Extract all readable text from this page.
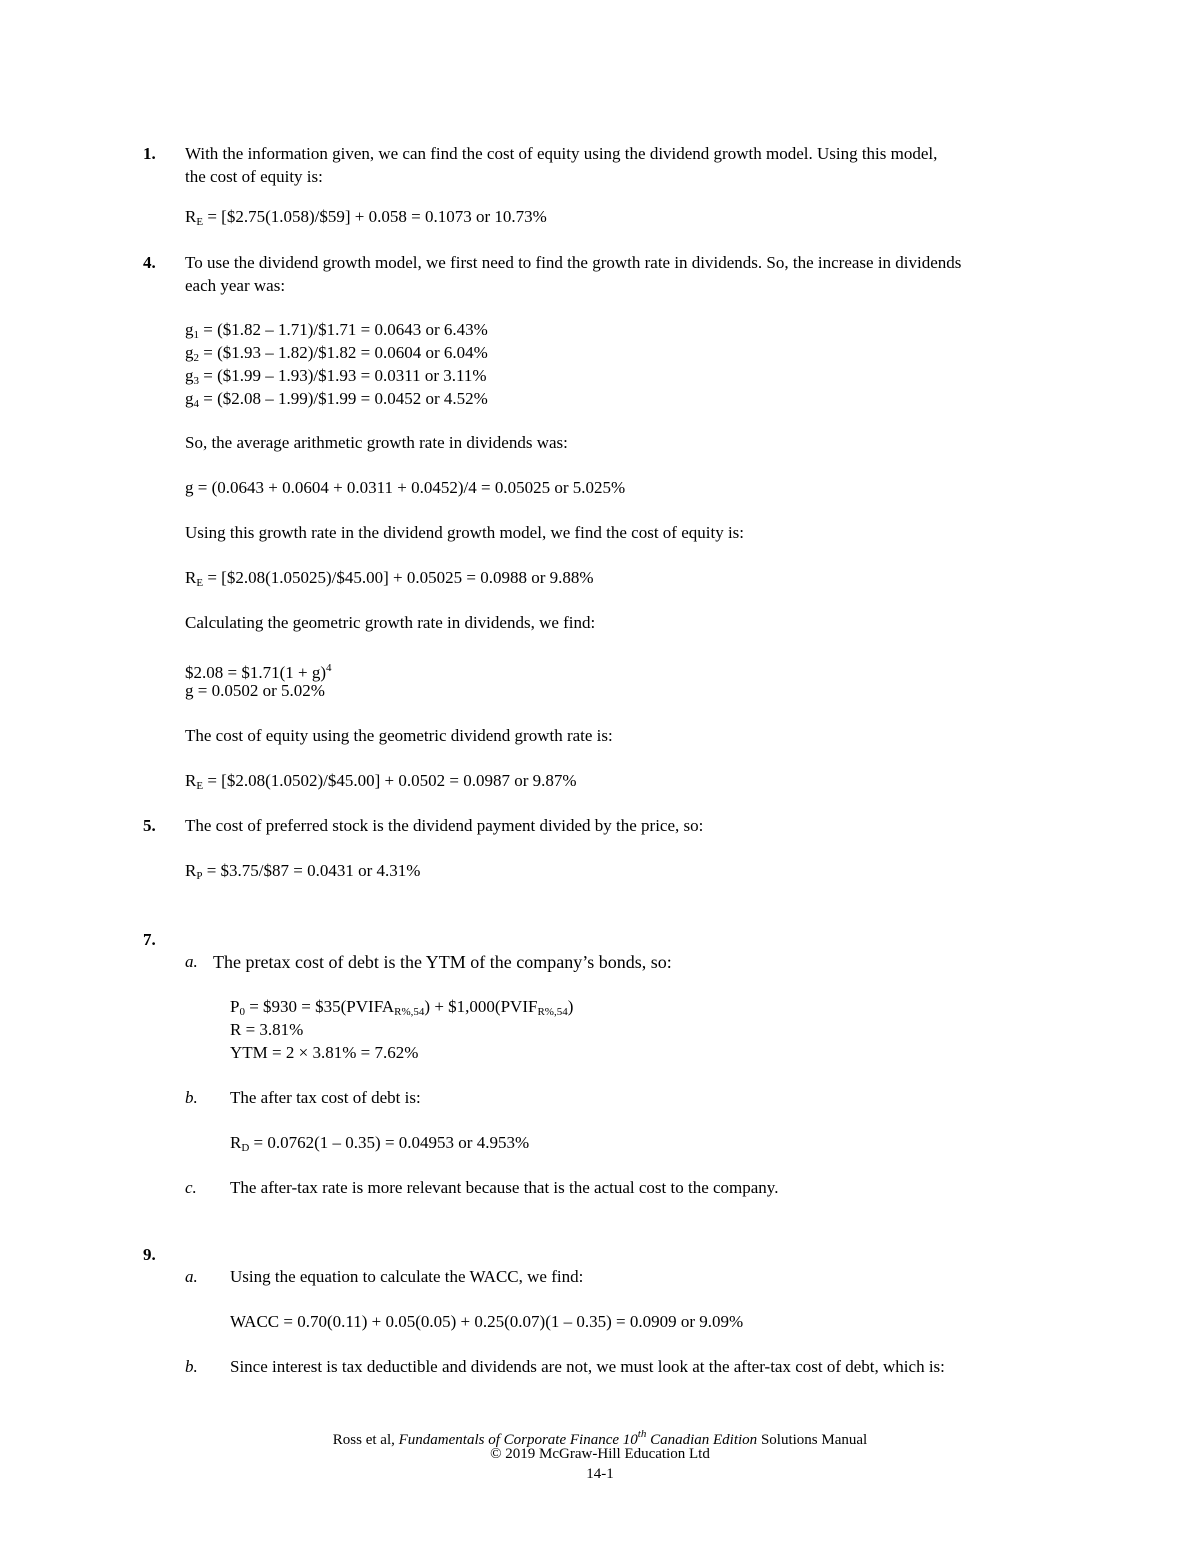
1. With the information given, we can find the cost of equity using the dividend growth model. Using this model,
the cost of equity is:
$R_E$ = [$2.75(1.058)/$59] + 0.058 = 0.1073 or 10.73%
4. To use the dividend growth model, we first need to find the growth rate in dividends. So, the increase in dividends
each year was:
$g_1$ = ($1.82 – 1.71)/$1.71 = 0.0643 or 6.43%
$g_2$ = ($1.93 – 1.82)/$1.82 = 0.0604 or 6.04%
$g_3$ = ($1.99 – 1.93)/$1.93 = 0.0311 or 3.11%
$g_4$ = ($2.08 – 1.99)/$1.99 = 0.0452 or 4.52%
So, the average arithmetic growth rate in dividends was:
g = (0.0643 + 0.0604 + 0.0311 + 0.0452)/4 = 0.05025 or 5.025%
Using this growth rate in the dividend growth model, we find the cost of equity is:
$R_E$ = [$2.08(1.05025)/$45.00] + 0.05025 = 0.0988 or 9.88%
Calculating the geometric growth rate in dividends, we find:
$2.08 = $1.71(1 + g)$^4$
g = 0.0502 or 5.02%
The cost of equity using the geometric dividend growth rate is:
$R_E$ = [$2.08(1.0502)/$45.00] + 0.0502 = 0.0987 or 9.87%
5. The cost of preferred stock is the dividend payment divided by the price, so:
$R_P$ = $3.75/$87 = 0.0431 or 4.31%
7.
a. The pretax cost of debt is the YTM of the company’s bonds, so:
$P_0$ = $930 = $\$35(PVIFA_{R\%,54})$ + $\$1,000(PVIF_{R\%,54})$
R = 3.81%
YTM = 2 × 3.81% = 7.62%
b. The after tax cost of debt is:
$R_D = 0.0762(1 - 0.35) = 0.04953$ or 4.953%
c. The after-tax rate is more relevant because that is the actual cost to the company.
9.
a. Using the equation to calculate the WACC, we find:
WACC = 0.70(0.11) + 0.05(0.05) + 0.25(0.07)(1 – 0.35) = 0.0909 or 9.09%
b. Since interest is tax deductible and dividends are not, we must look at the after-tax cost of debt, which is:
Ross et al, Fundamentals of Corporate Finance 10th Canadian Edition Solutions Manual
© 2019 McGraw-Hill Education Ltd
14-1
